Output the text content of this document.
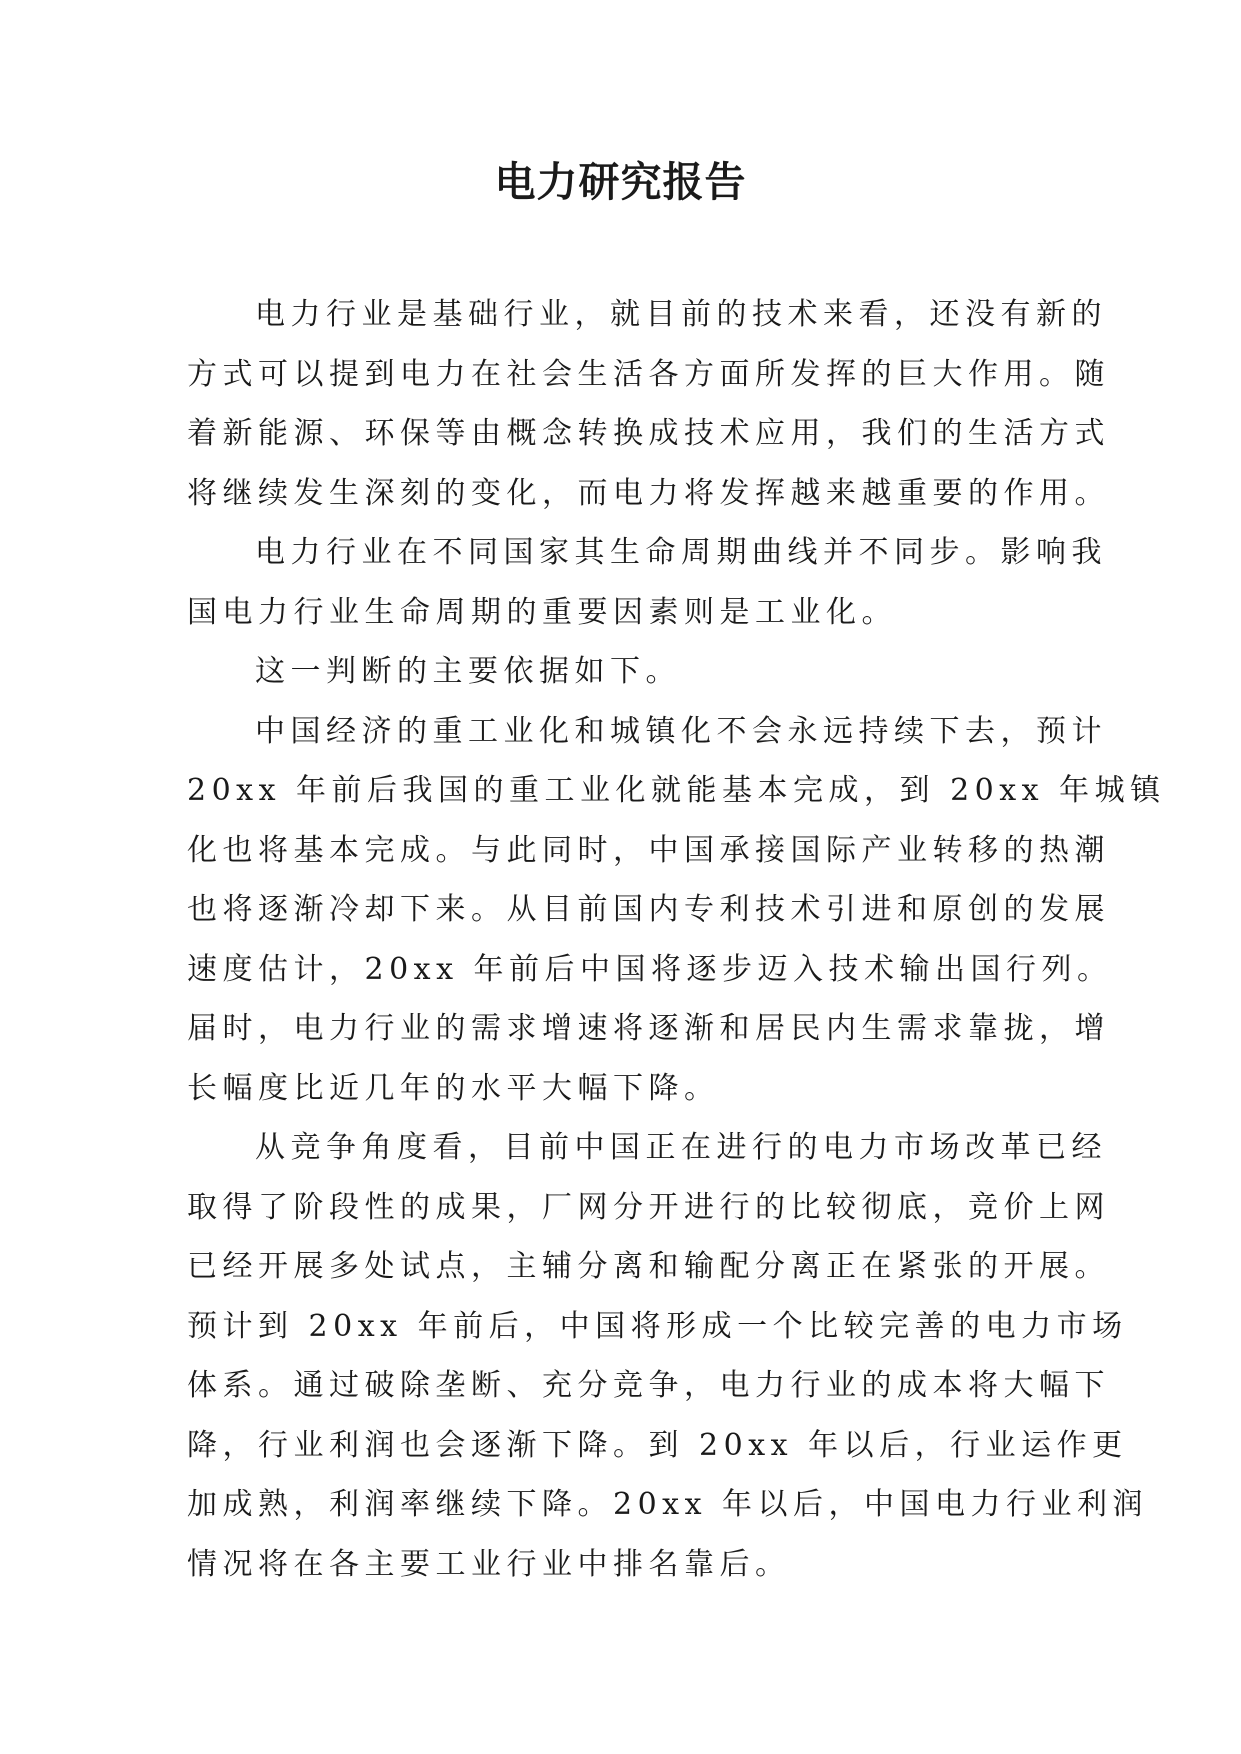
电力研究报告

电力行业是基础行业，就目前的技术来看，还没有新的
方式可以提到电力在社会生活各方面所发挥的巨大作用。随
着新能源、环保等由概念转换成技术应用，我们的生活方式
将继续发生深刻的变化，而电力将发挥越来越重要的作用。

电力行业在不同国家其生命周期曲线并不同步。影响我
国电力行业生命周期的重要因素则是工业化。

这一判断的主要依据如下。

中国经济的重工业化和城镇化不会永远持续下去，预计
20xx 年前后我国的重工业化就能基本完成，到 20xx 年城镇
化也将基本完成。与此同时，中国承接国际产业转移的热潮
也将逐渐冷却下来。从目前国内专利技术引进和原创的发展
速度估计，20xx 年前后中国将逐步迈入技术输出国行列。
届时，电力行业的需求增速将逐渐和居民内生需求靠拢，增
长幅度比近几年的水平大幅下降。

从竞争角度看，目前中国正在进行的电力市场改革已经
取得了阶段性的成果，厂网分开进行的比较彻底，竞价上网
已经开展多处试点，主辅分离和输配分离正在紧张的开展。
预计到 20xx 年前后，中国将形成一个比较完善的电力市场
体系。通过破除垄断、充分竞争，电力行业的成本将大幅下
降，行业利润也会逐渐下降。到 20xx 年以后，行业运作更
加成熟，利润率继续下降。20xx 年以后，中国电力行业利润
情况将在各主要工业行业中排名靠后。
